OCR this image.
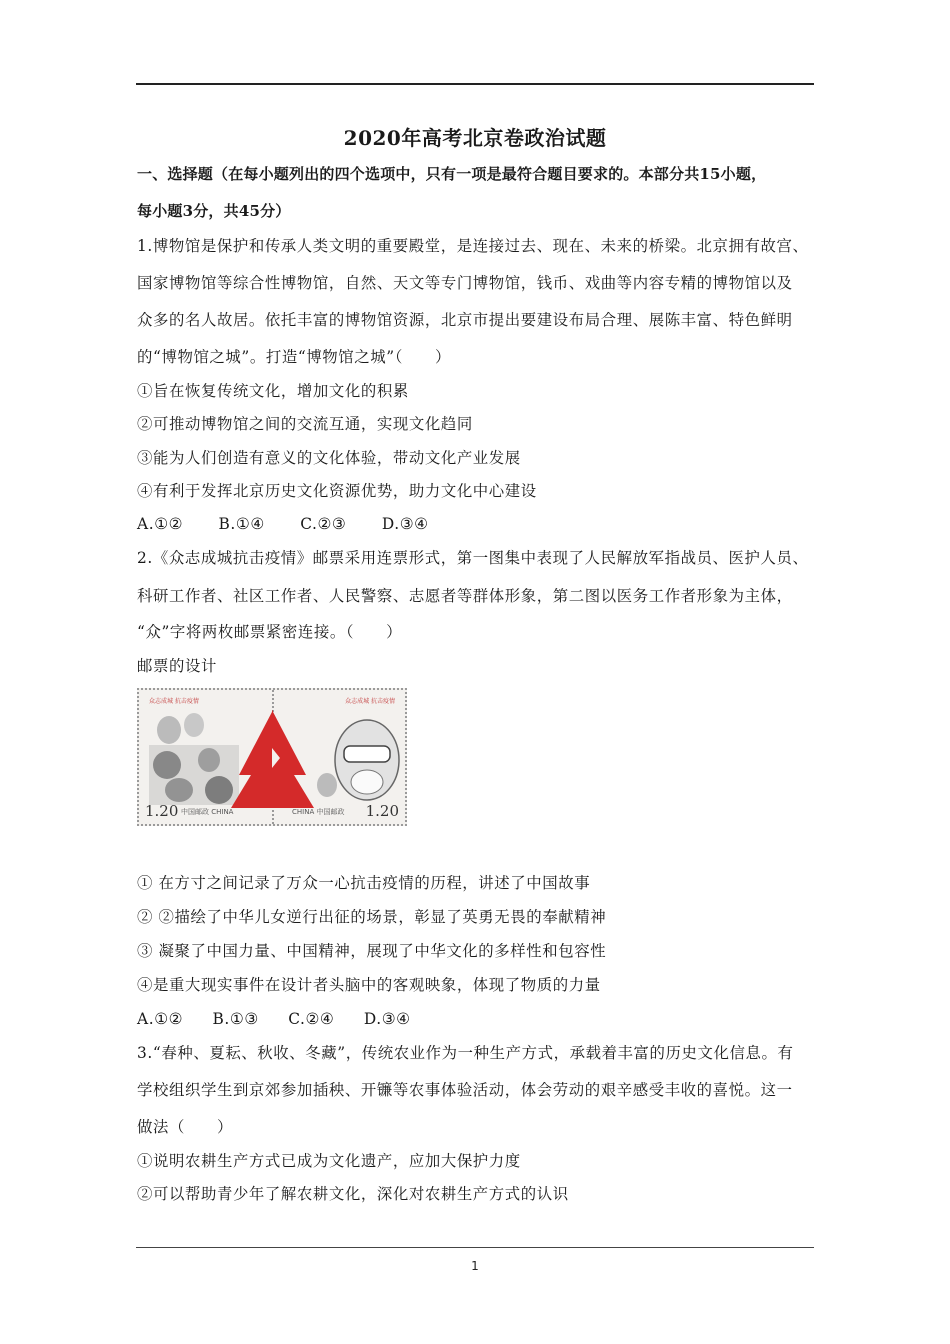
2020年高考北京卷政治试题
一、选择题（在每小题列出的四个选项中，只有一项是最符合题目要求的。本部分共15小题，
每小题3分，共45分）
1.博物馆是保护和传承人类文明的重要殿堂，是连接过去、现在、未来的桥梁。北京拥有故宫、
国家博物馆等综合性博物馆，自然、天文等专门博物馆，钱币、戏曲等内容专精的博物馆以及
众多的名人故居。依托丰富的博物馆资源，北京市提出要建设布局合理、展陈丰富、特色鲜明
的“博物馆之城”。打造“博物馆之城”（　　）
①旨在恢复传统文化，增加文化的积累
②可推动博物馆之间的交流互通，实现文化趋同
③能为人们创造有意义的文化体验，带动文化产业发展
④有利于发挥北京历史文化资源优势，助力文化中心建设
A.①② B.①④ C.②③ D.③④
2.《众志成城抗击疫情》邮票采用连票形式，第一图集中表现了人民解放军指战员、医护人员、
科研工作者、社区工作者、人民警察、志愿者等群体形象，第二图以医务工作者形象为主体，
“众”字将两枚邮票紧密连接。（　　）
邮票的设计
众志成城 抗击疫情
1.20 中国邮政 CHINA
众志成城 抗击疫情
CHINA 中国邮政 1.20
① 在方寸之间记录了万众一心抗击疫情的历程，讲述了中国故事
② ②描绘了中华儿女逆行出征的场景，彰显了英勇无畏的奉献精神
③ 凝聚了中国力量、中国精神，展现了中华文化的多样性和包容性
④是重大现实事件在设计者头脑中的客观映象，体现了物质的力量
A.①② B.①③ C.②④ D.③④
3.“春种、夏耘、秋收、冬藏”，传统农业作为一种生产方式，承载着丰富的历史文化信息。有
学校组织学生到京郊参加插秧、开镰等农事体验活动，体会劳动的艰辛感受丰收的喜悦。这一
做法（　　）
①说明农耕生产方式已成为文化遗产，应加大保护力度
②可以帮助青少年了解农耕文化，深化对农耕生产方式的认识
1
